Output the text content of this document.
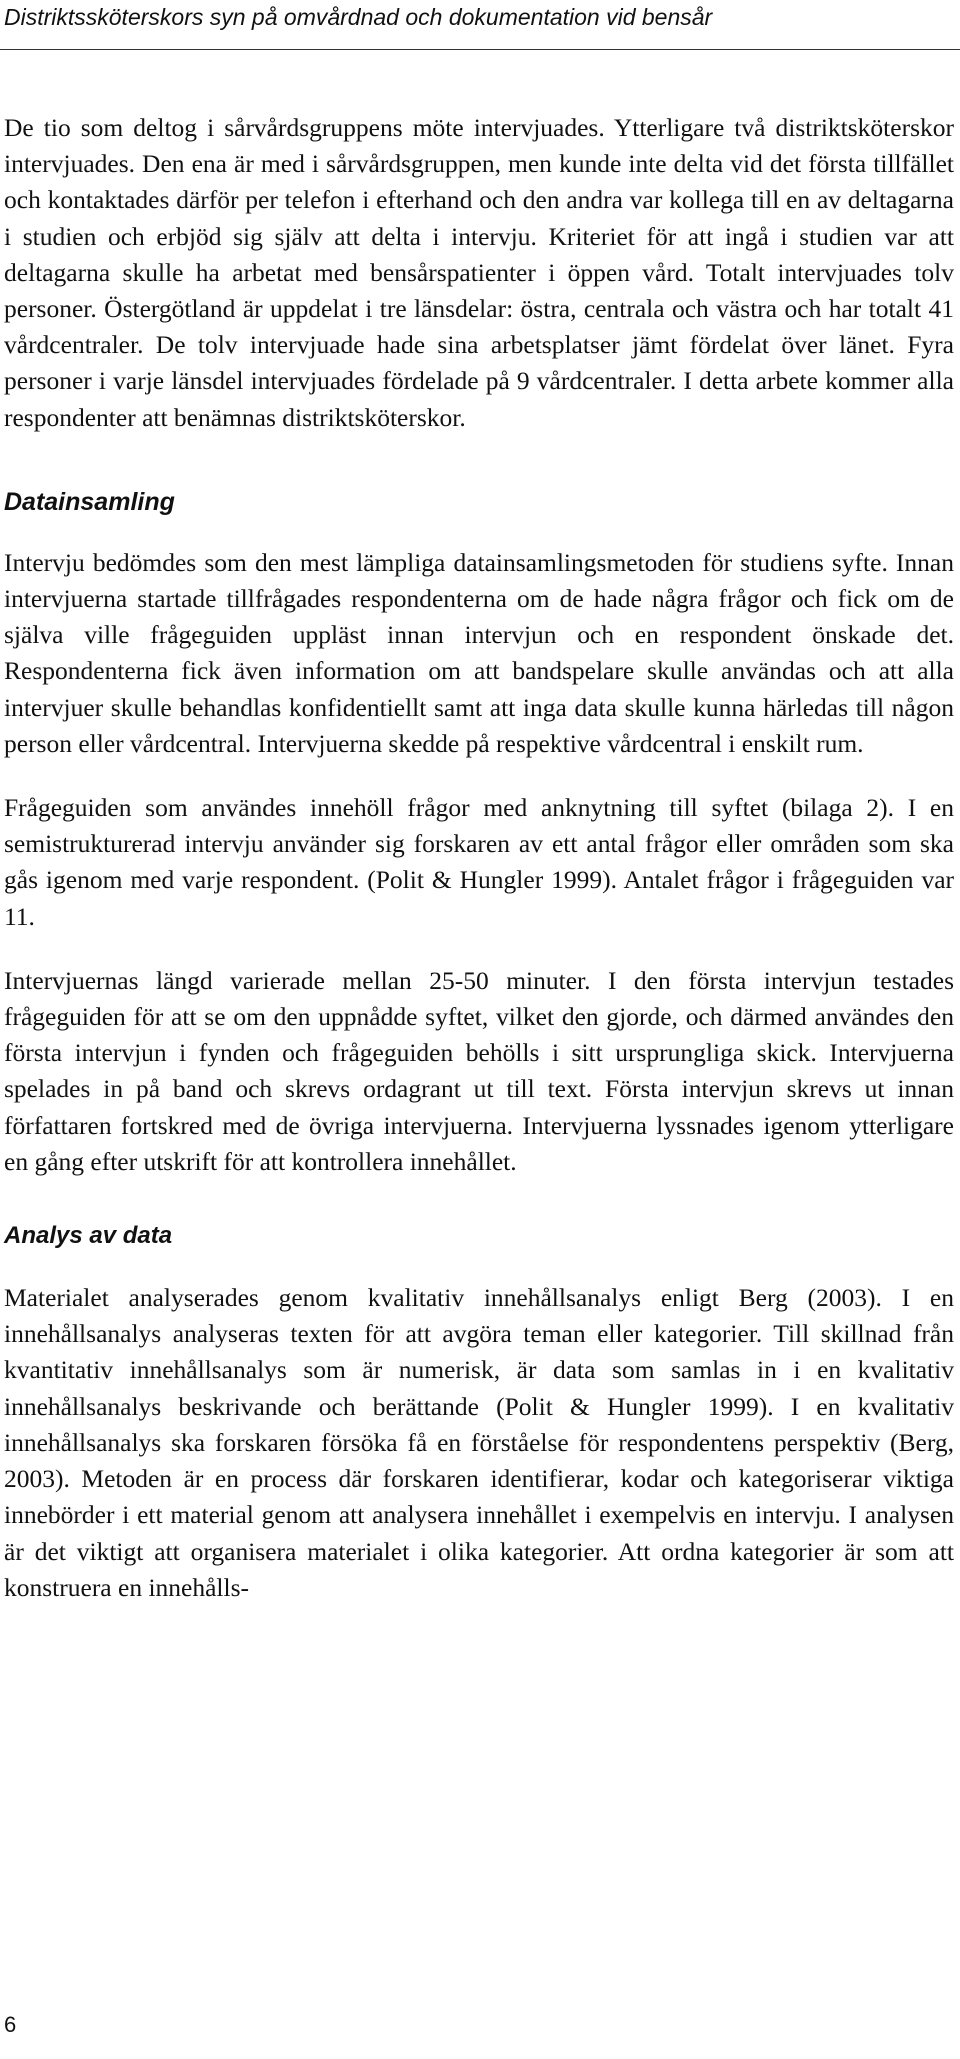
Distriktssköterskors syn på omvårdnad och dokumentation vid bensår

De tio som deltog i sårvårdsgruppens möte intervjuades. Ytterligare två distriktsköterskor intervjuades. Den ena är med i sårvårdsgruppen, men kunde inte delta vid det första tillfället och kontaktades därför per telefon i efterhand och den andra var kollega till en av deltagarna i studien och erbjöd sig själv att delta i intervju. Kriteriet för att ingå i studien var att deltagarna skulle ha arbetat med bensårspatienter i öppen vård. Totalt intervjuades tolv personer. Östergötland är uppdelat i tre länsdelar: östra, centrala och västra och har totalt 41 vårdcentraler. De tolv intervjuade hade sina arbetsplatser jämt fördelat över länet. Fyra personer i varje länsdel intervjuades fördelade på 9 vårdcentraler. I detta arbete kommer alla respondenter att benämnas distriktsköterskor.

Datainsamling

Intervju bedömdes som den mest lämpliga datainsamlingsmetoden för studiens syfte. Innan intervjuerna startade tillfrågades respondenterna om de hade några frågor och fick om de själva ville frågeguiden uppläst innan intervjun och en respondent önskade det. Respondenterna fick även information om att bandspelare skulle användas och att alla intervjuer skulle behandlas konfidentiellt samt att inga data skulle kunna härledas till någon person eller vårdcentral. Intervjuerna skedde på respektive vårdcentral i enskilt rum.

Frågeguiden som användes innehöll frågor med anknytning till syftet (bilaga 2). I en semistrukturerad intervju använder sig forskaren av ett antal frågor eller områden som ska gås igenom med varje respondent. (Polit & Hungler 1999). Antalet frågor i frågeguiden var 11.

Intervjuernas längd varierade mellan 25-50 minuter. I den första intervjun testades frågeguiden för att se om den uppnådde syftet, vilket den gjorde, och därmed användes den första intervjun i fynden och frågeguiden behölls i sitt ursprungliga skick. Intervjuerna spelades in på band och skrevs ordagrant ut till text. Första intervjun skrevs ut innan författaren fortskred med de övriga intervjuerna. Intervjuerna lyssnades igenom ytterligare en gång efter utskrift för att kontrollera innehållet.

Analys av data

Materialet analyserades genom kvalitativ innehållsanalys enligt Berg (2003). I en innehållsanalys analyseras texten för att avgöra teman eller kategorier. Till skillnad från kvantitativ innehållsanalys som är numerisk, är data som samlas in i en kvalitativ innehållsanalys beskrivande och berättande (Polit & Hungler 1999). I en kvalitativ innehållsanalys ska forskaren försöka få en förståelse för respondentens perspektiv (Berg, 2003). Metoden är en process där forskaren identifierar, kodar och kategoriserar viktiga innebörder i ett material genom att analysera innehållet i exempelvis en intervju. I analysen är det viktigt att organisera materialet i olika kategorier. Att ordna kategorier är som att konstruera en innehålls-

6
